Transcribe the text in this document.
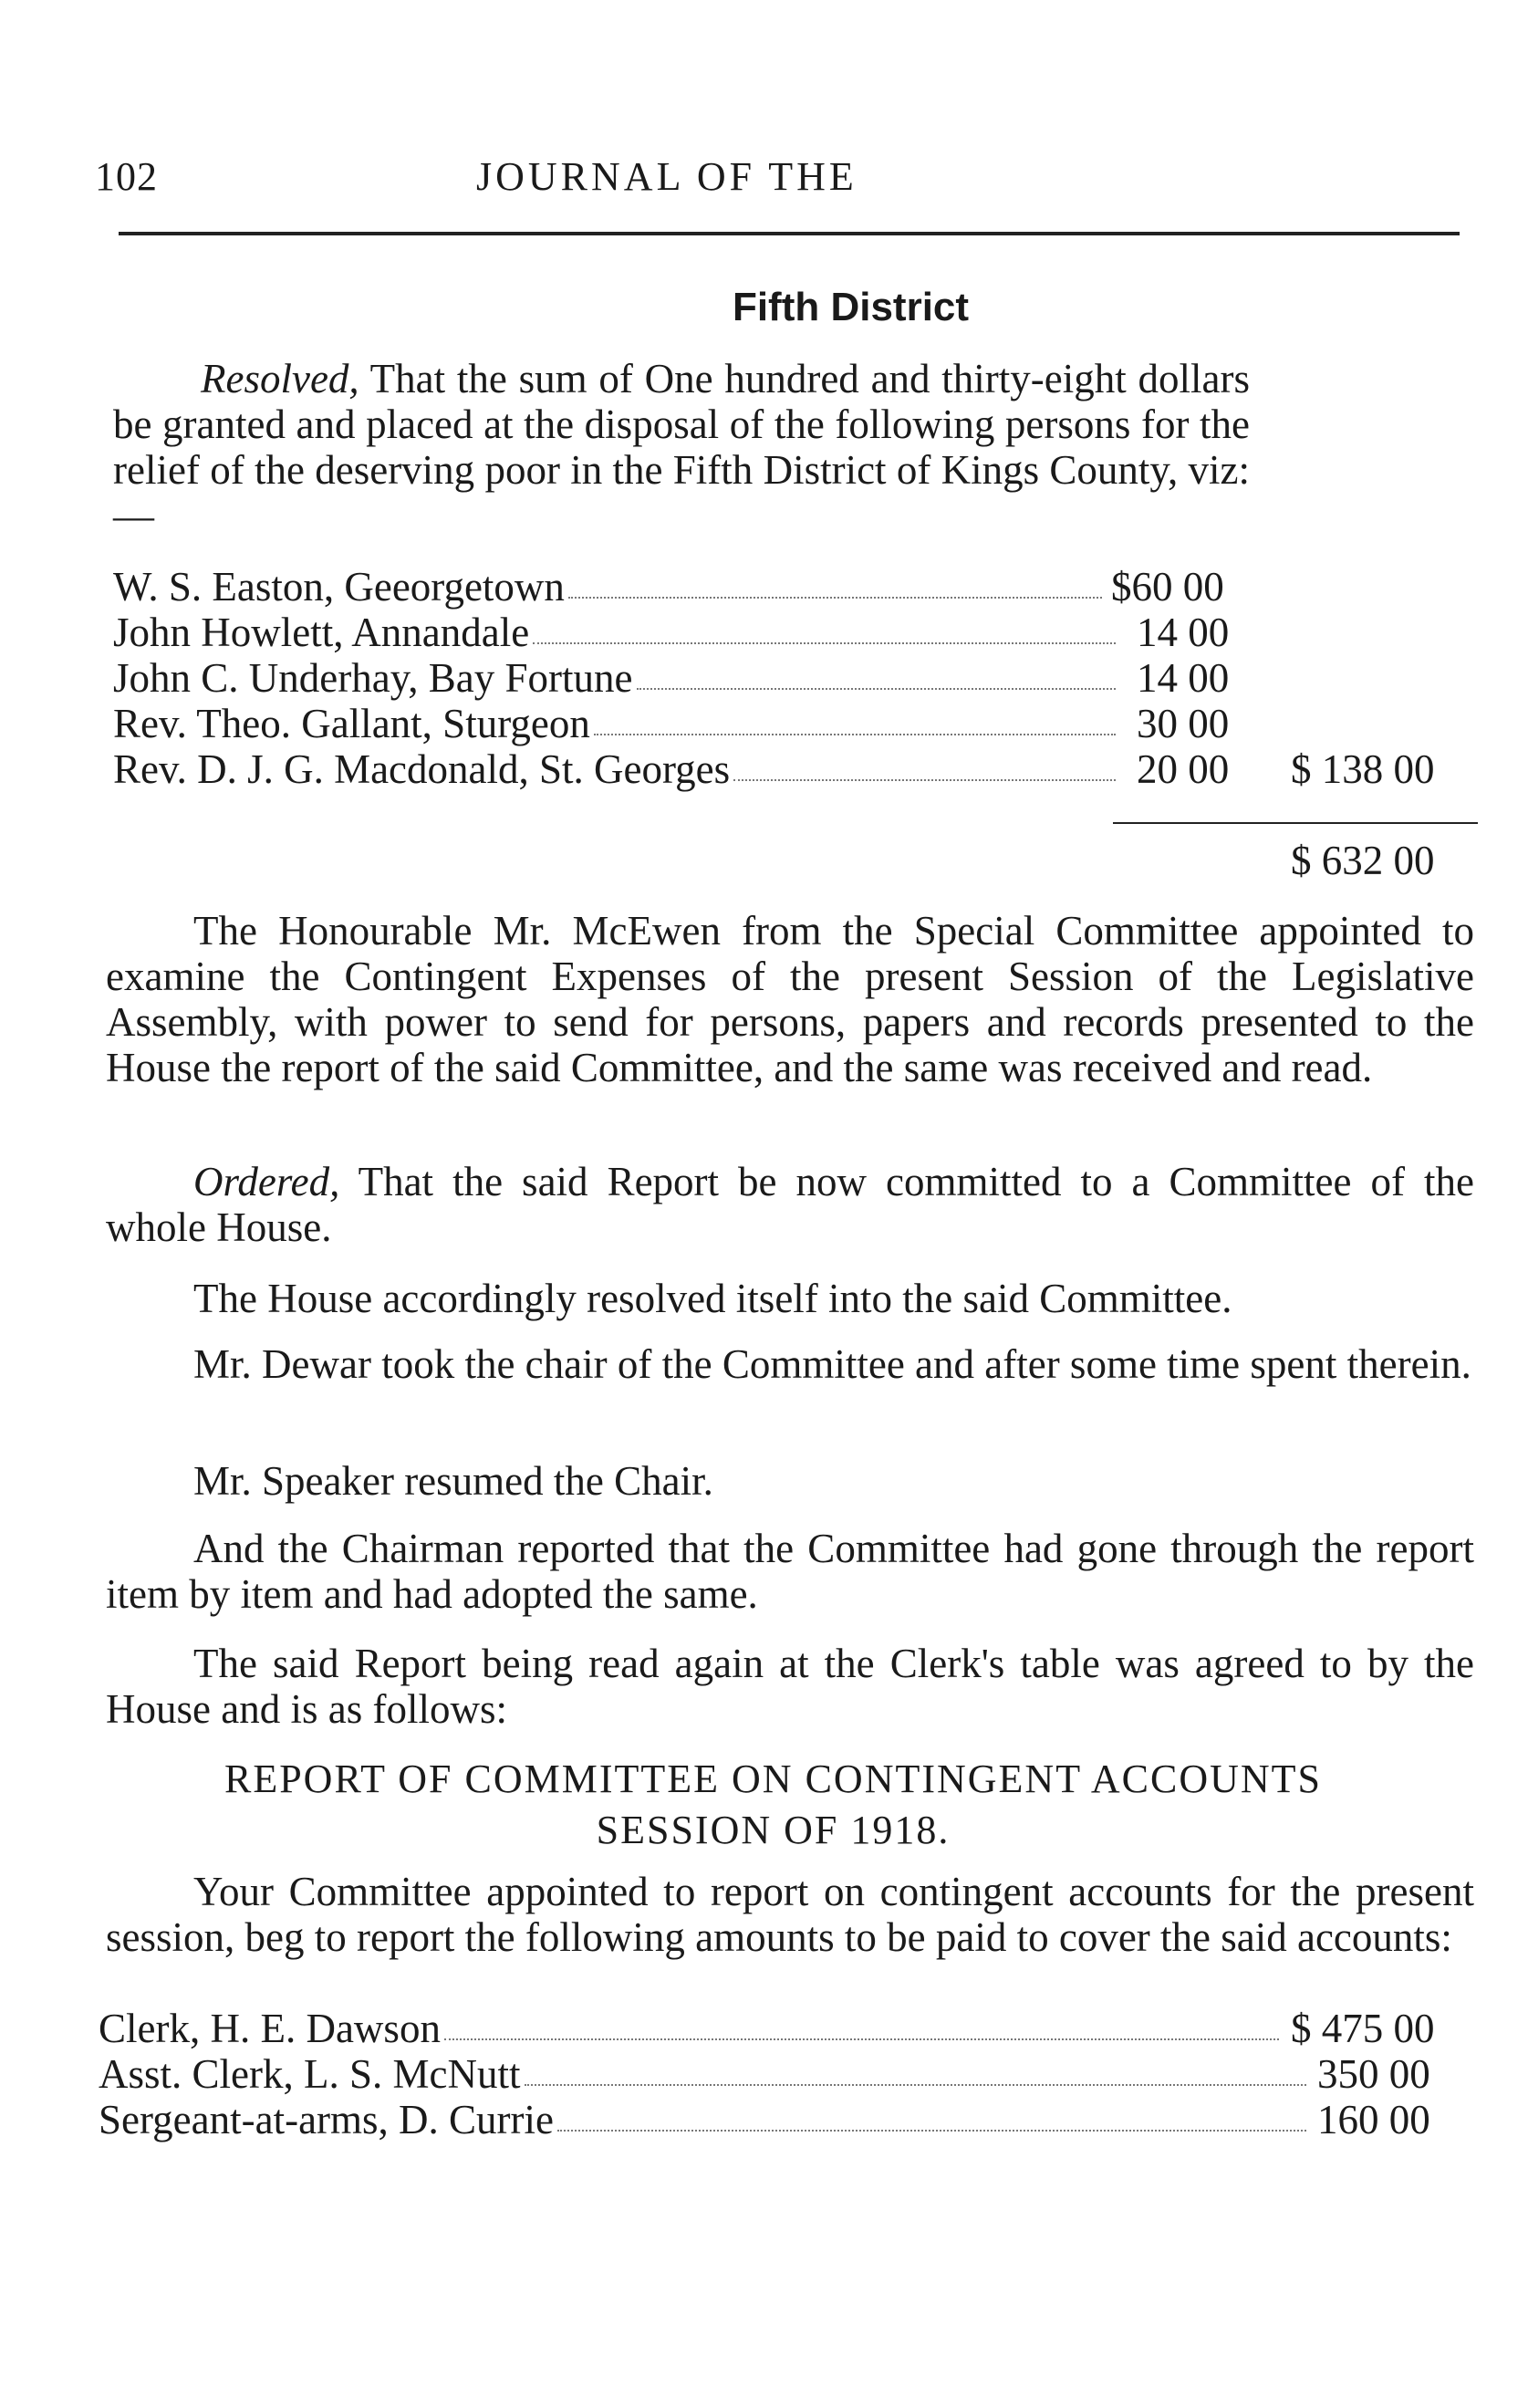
102	JOURNAL OF THE
Fifth District
Resolved, That the sum of One hundred and thirty-eight dollars be granted and placed at the disposal of the following persons for the relief of the deserving poor in the Fifth District of Kings County, viz:—
W. S. Easton, Geeorgetown	$60 00
John Howlett, Annandale	14 00
John C. Underhay, Bay Fortune	14 00
Rev. Theo. Gallant, Sturgeon	30 00
Rev. D. J. G. Macdonald, St. Georges	20 00 $ 138 00
$ 632 00
The Honourable Mr. McEwen from the Special Committee appointed to examine the Contingent Expenses of the present Session of the Legislative Assembly, with power to send for persons, papers and records presented to the House the report of the said Committee, and the same was received and read.
Ordered, That the said Report be now committed to a Committee of the whole House.
The House accordingly resolved itself into the said Committee.
Mr. Dewar took the chair of the Committee and after some time spent therein.
Mr. Speaker resumed the Chair.
And the Chairman reported that the Committee had gone through the report item by item and had adopted the same.
The said Report being read again at the Clerk's table was agreed to by the House and is as follows:
REPORT OF COMMITTEE ON CONTINGENT ACCOUNTS
SESSION OF 1918.
Your Committee appointed to report on contingent accounts for the present session, beg to report the following amounts to be paid to cover the said accounts:
Clerk, H. E. Dawson	$ 475 00
Asst. Clerk, L. S. McNutt	350 00
Sergeant-at-arms, D. Currie	160 00
